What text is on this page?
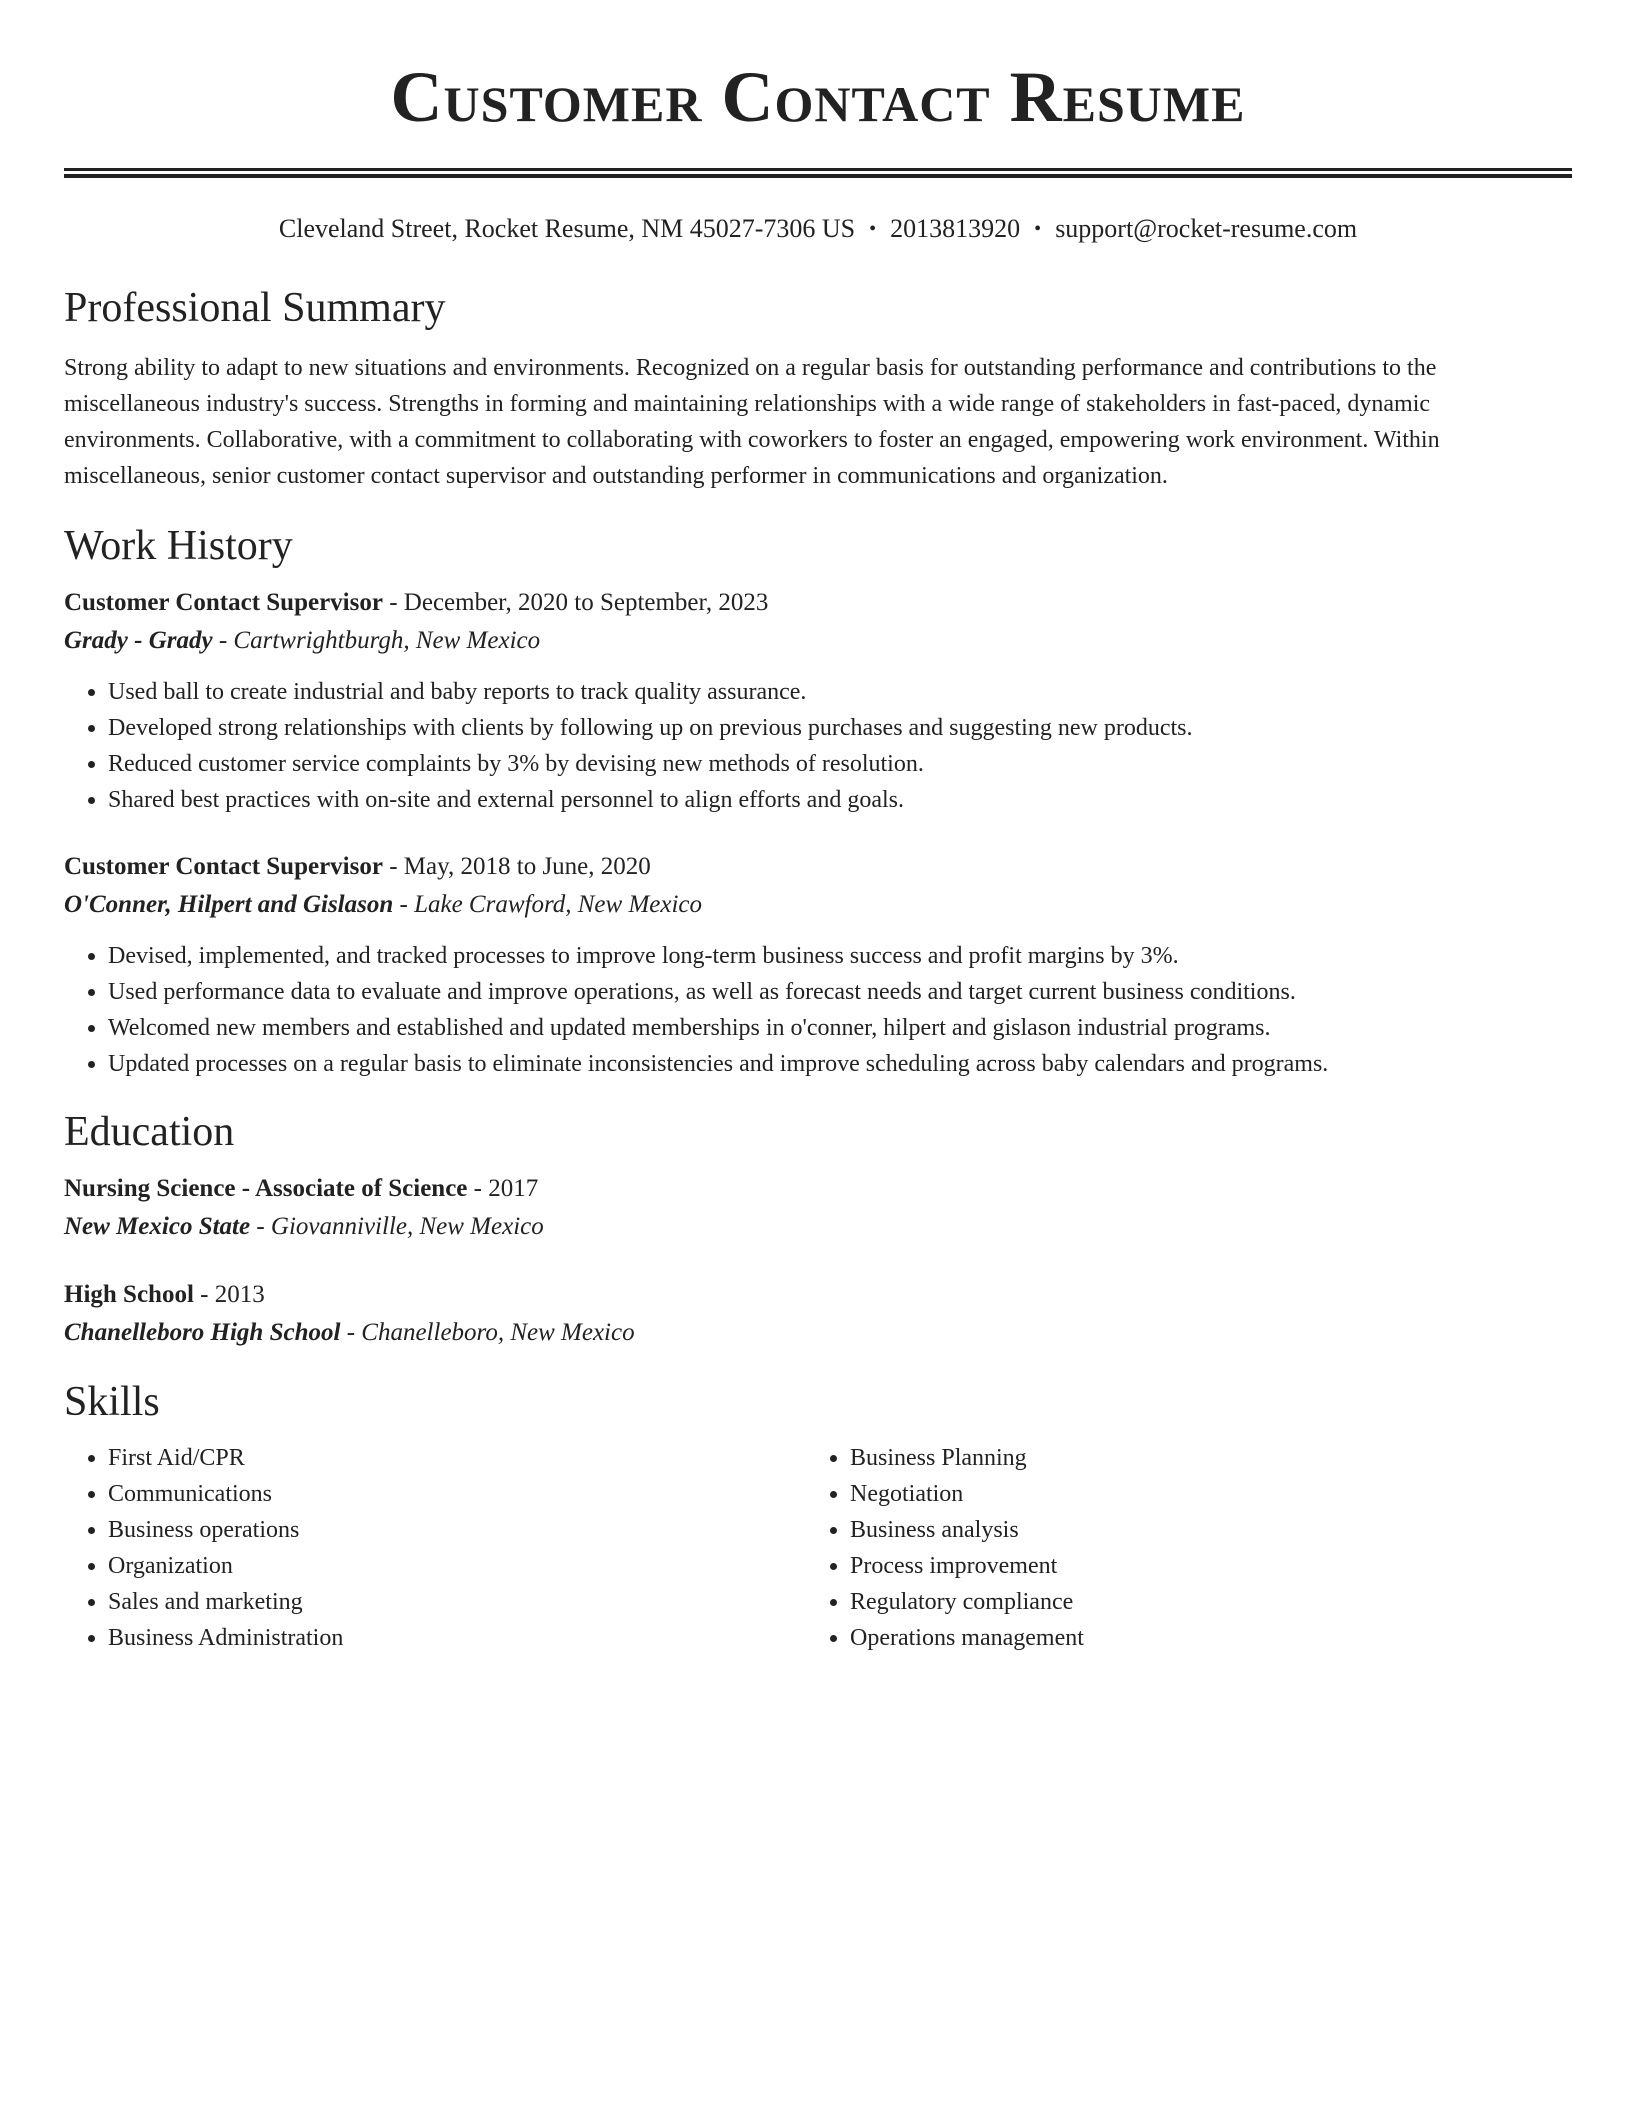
Customer Contact Resume
Cleveland Street, Rocket Resume, NM 45027-7306 US • 2013813920 • support@rocket-resume.com
Professional Summary
Strong ability to adapt to new situations and environments. Recognized on a regular basis for outstanding performance and contributions to the miscellaneous industry's success. Strengths in forming and maintaining relationships with a wide range of stakeholders in fast-paced, dynamic environments. Collaborative, with a commitment to collaborating with coworkers to foster an engaged, empowering work environment. Within miscellaneous, senior customer contact supervisor and outstanding performer in communications and organization.
Work History
Customer Contact Supervisor - December, 2020 to September, 2023
Grady - Grady - Cartwrightburgh, New Mexico
• Used ball to create industrial and baby reports to track quality assurance.
• Developed strong relationships with clients by following up on previous purchases and suggesting new products.
• Reduced customer service complaints by 3% by devising new methods of resolution.
• Shared best practices with on-site and external personnel to align efforts and goals.
Customer Contact Supervisor - May, 2018 to June, 2020
O'Conner, Hilpert and Gislason - Lake Crawford, New Mexico
• Devised, implemented, and tracked processes to improve long-term business success and profit margins by 3%.
• Used performance data to evaluate and improve operations, as well as forecast needs and target current business conditions.
• Welcomed new members and established and updated memberships in o'conner, hilpert and gislason industrial programs.
• Updated processes on a regular basis to eliminate inconsistencies and improve scheduling across baby calendars and programs.
Education
Nursing Science - Associate of Science - 2017
New Mexico State - Giovanniville, New Mexico
High School - 2013
Chanelleboro High School - Chanelleboro, New Mexico
Skills
• First Aid/CPR
• Communications
• Business operations
• Organization
• Sales and marketing
• Business Administration
• Business Planning
• Negotiation
• Business analysis
• Process improvement
• Regulatory compliance
• Operations management
